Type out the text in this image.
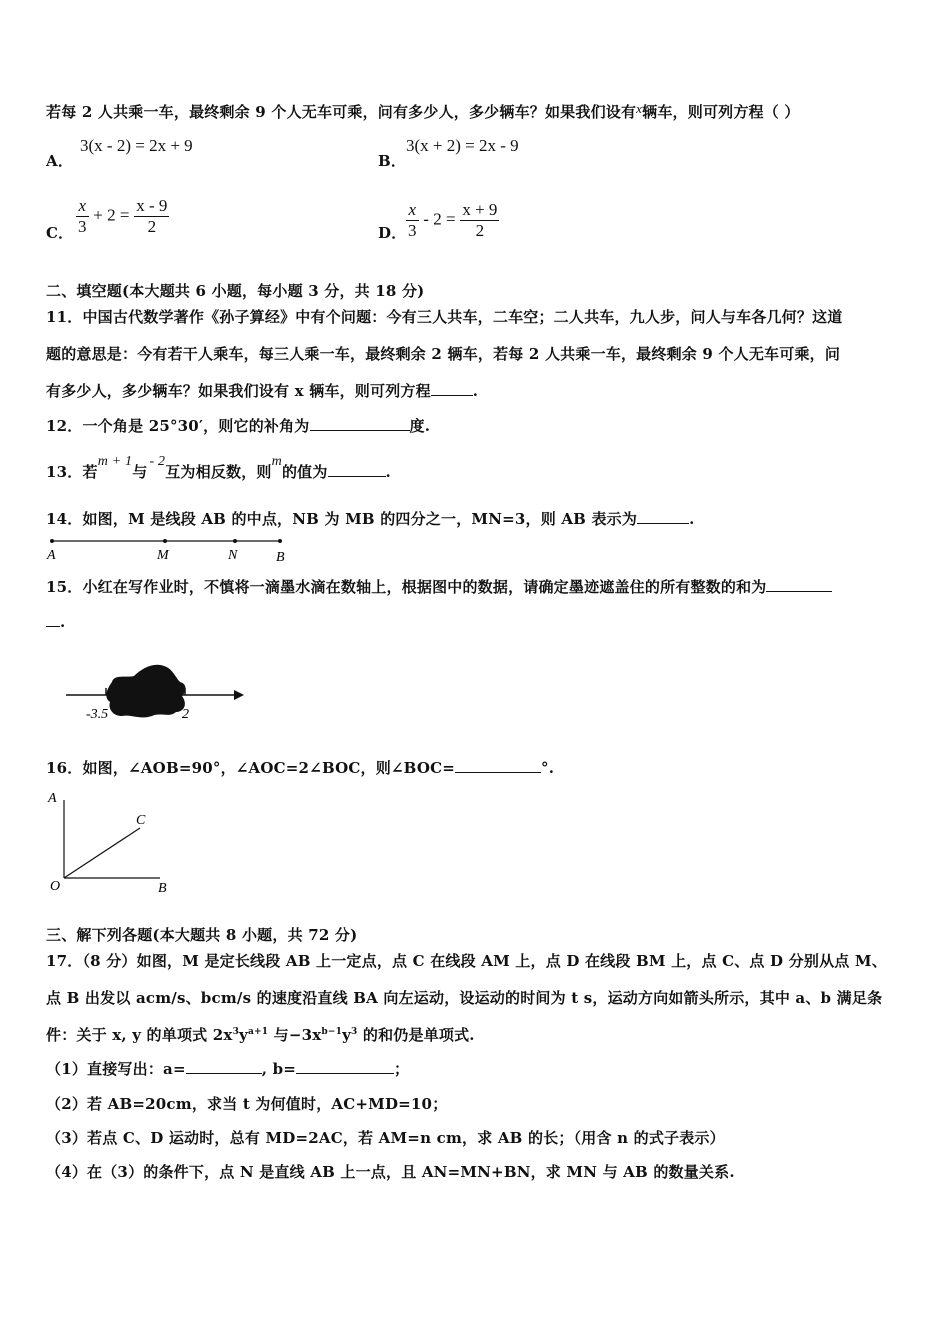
若每 2 人共乘一车，最终剩余 9 个人无车可乘，问有多少人，多少辆车？如果我们设有x辆车，则可列方程（ ）
A．
3(x - 2) = 2x + 9
B．
3(x + 2) = 2x - 9
C． $\frac{x}{3} + 2 = \frac{x - 9}{2}$	D． $\frac{x}{3} - 2 = \frac{x + 9}{2}$
二、填空题(本大题共 6 小题，每小题 3 分，共 18 分)
11．中国古代数学著作《孙子算经》中有个问题：今有三人共车，二车空；二人共车，九人步，问人与车各几何？这道
题的意思是：今有若干人乘车，每三人乘一车，最终剩余 2 辆车，若每 2 人共乘一车，最终剩余 9 个人无车可乘，问
有多少人，多少辆车？如果我们设有 x 辆车，则可列方程	.
12．一个角是 25°30′，则它的补角为	度.
13．若m + 1与- 2互为相反数，则m的值为	.
14．如图，M 是线段 AB 的中点，NB 为 MB 的四分之一，MN=3，则 AB 表示为	.
A	M	N	B
15．小红在写作业时，不慎将一滴墨水滴在数轴上，根据图中的数据，请确定墨迹遮盖住的所有整数的和为
.
-3.5	2
16．如图，∠AOB=90°，∠AOC=2∠BOC，则∠BOC=	°.
A
C
O	B
三、解下列各题(本大题共 8 小题，共 72 分)
17．（8 分）如图，M 是定长线段 AB 上一定点，点 C 在线段 AM 上，点 D 在线段 BM 上，点 C、点 D 分别从点 M、
点 B 出发以 acm/s、bcm/s 的速度沿直线 BA 向左运动，设运动的时间为 t s，运动方向如箭头所示，其中 a、b 满足条
件：关于 x, y 的单项式 $2x^3y^{a+1}$ 与$-3x^{b-1}y^3$ 的和仍是单项式.
（1）直接写出：a=	, b=	；
（2）若 AB=20cm，求当 t 为何值时，AC+MD=10；
（3）若点 C、D 运动时，总有 MD=2AC，若 AM=n cm，求 AB 的长；（用含 n 的式子表示）
（4）在（3）的条件下，点 N 是直线 AB 上一点，且 AN=MN+BN，求 MN 与 AB 的数量关系.
